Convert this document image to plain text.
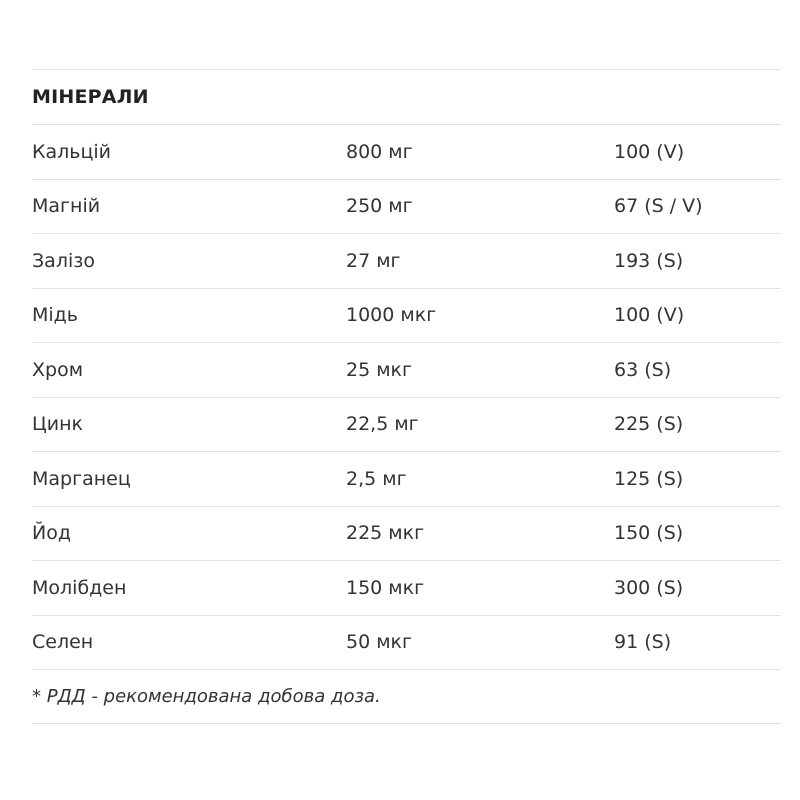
МІНЕРАЛИ
Кальцій	800 мг	100 (V)
Магній	250 мг	67 (S / V)
Залізо	27 мг	193 (S)
Мідь	1000 мкг	100 (V)
Хром	25 мкг	63 (S)
Цинк	22,5 мг	225 (S)
Марганец	2,5 мг	125 (S)
Йод	225 мкг	150 (S)
Молібден	150 мкг	300 (S)
Селен	50 мкг	91 (S)
* РДД - рекомендована добова доза.
